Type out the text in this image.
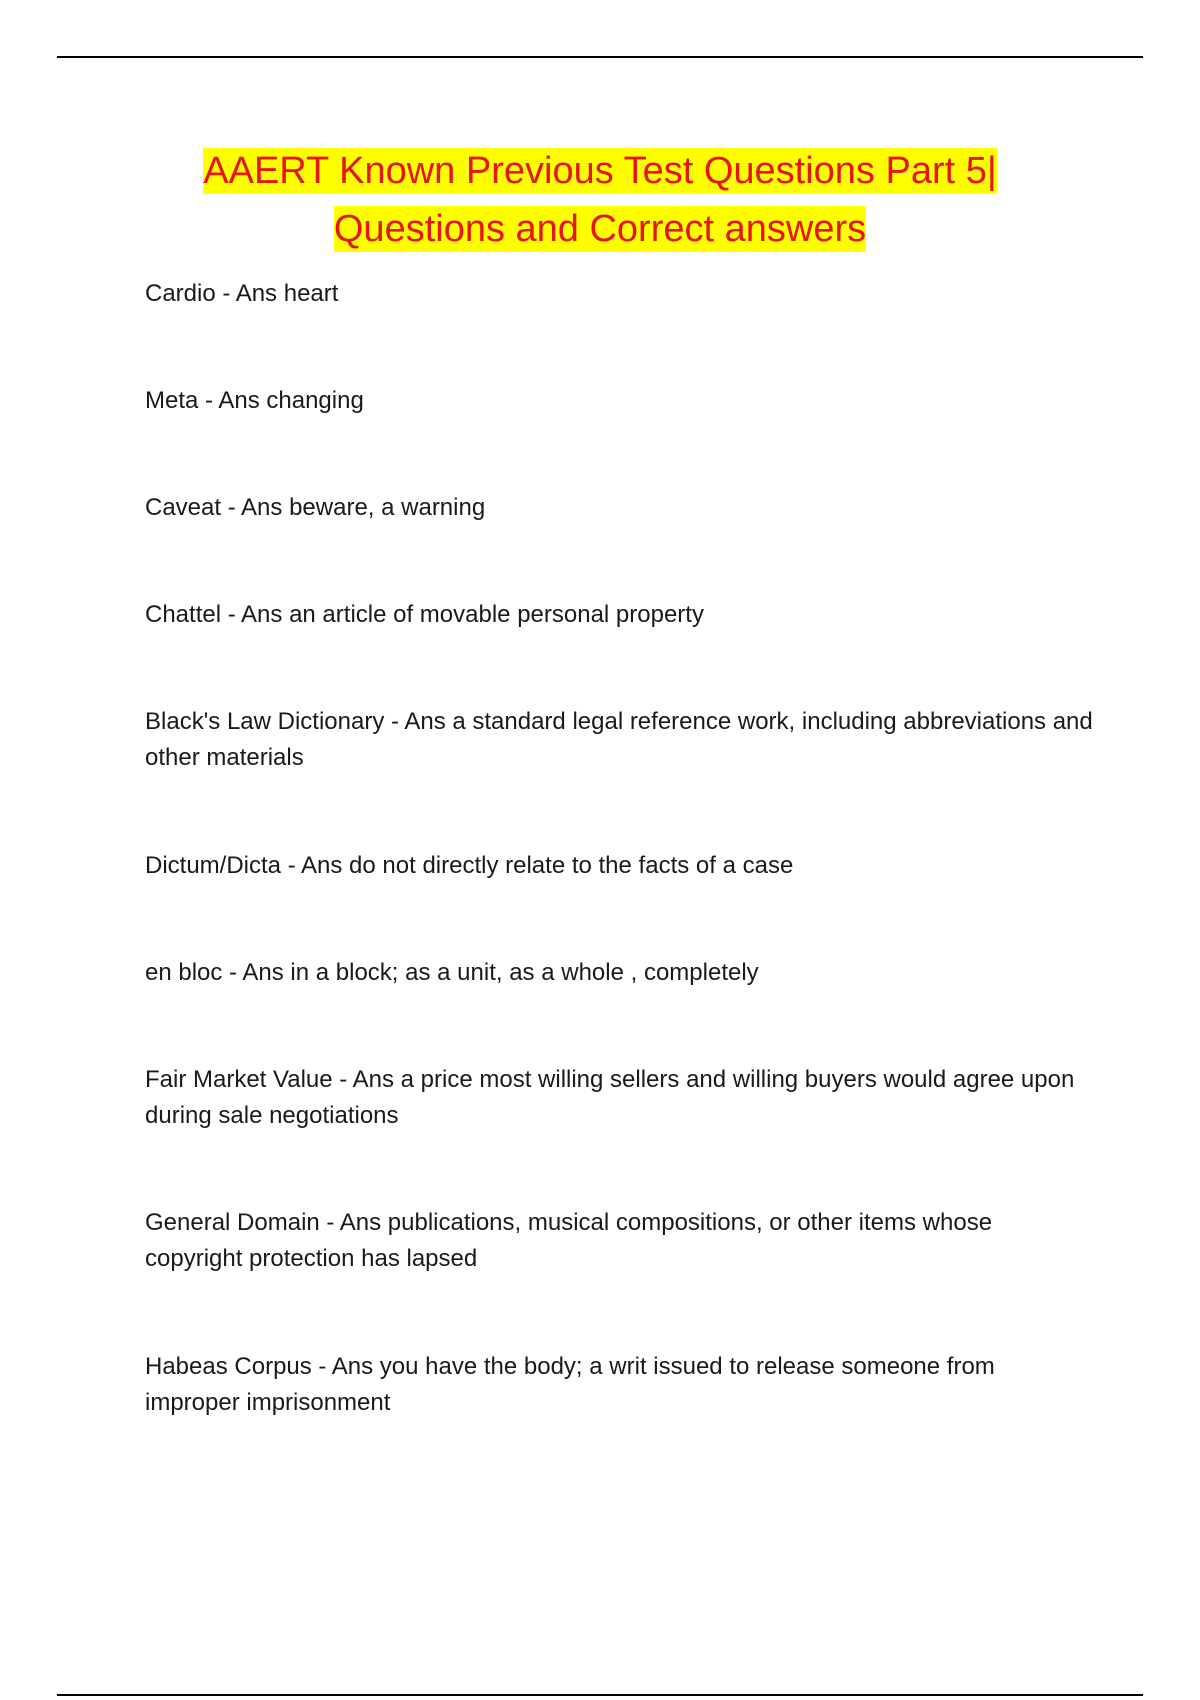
AAERT Known Previous Test Questions Part 5|
Questions and Correct answers
Cardio - Ans heart
Meta - Ans changing
Caveat - Ans beware, a warning
Chattel - Ans an article of movable personal property
Black's Law Dictionary - Ans a standard legal reference work, including abbreviations and other materials
Dictum/Dicta - Ans do not directly relate to the facts of a case
en bloc - Ans in a block; as a unit, as a whole , completely
Fair Market Value - Ans a price most willing sellers and willing buyers would agree upon during sale negotiations
General Domain - Ans publications, musical compositions, or other items whose copyright protection has lapsed
Habeas Corpus - Ans you have the body; a writ issued to release someone from improper imprisonment
